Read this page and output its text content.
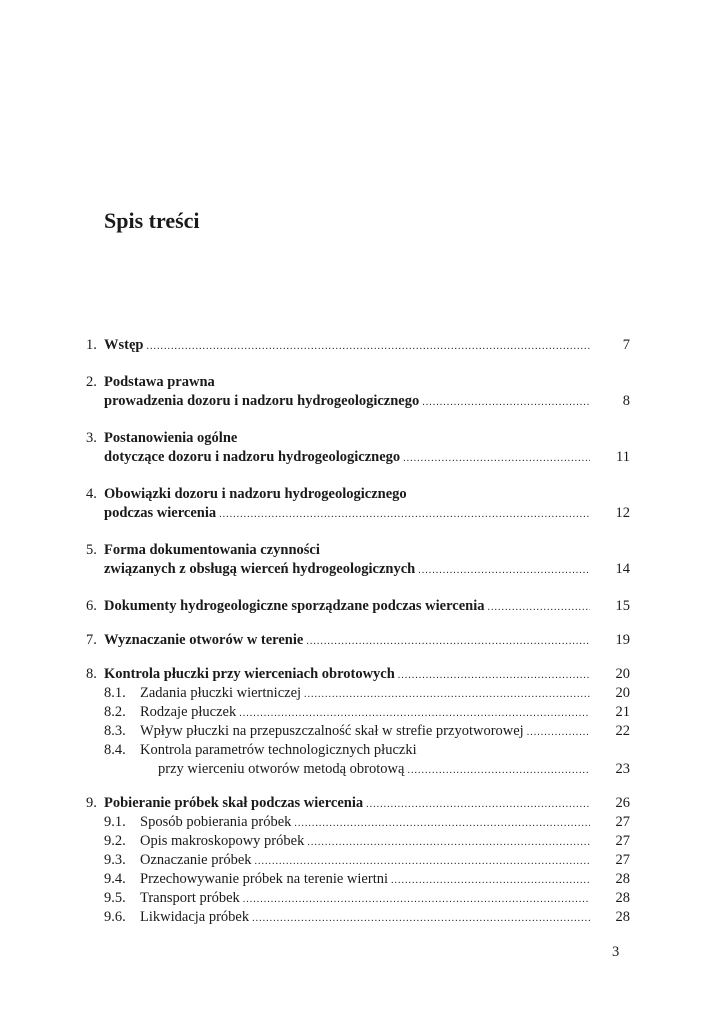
Spis treści
1. Wstęp .....	7
2. Podstawa prawna
prowadzenia dozoru i nadzoru hydrogeologicznego .....	8
3. Postanowienia ogólne
dotyczące dozoru i nadzoru hydrogeologicznego .....	11
4. Obowiązki dozoru i nadzoru hydrogeologicznego
podczas wiercenia .....	12
5. Forma dokumentowania czynności
związanych z obsługą wierceń hydrogeologicznych .....	14
6. Dokumenty hydrogeologiczne sporządzane podczas wiercenia .....	15
7. Wyznaczanie otworów w terenie .....	19
8. Kontrola płuczki przy wierceniach obrotowych .....	20
8.1. Zadania płuczki wiertniczej .....	20
8.2. Rodzaje płuczek .....	21
8.3. Wpływ płuczki na przepuszczalność skał w strefie przyotworowej .....	22
8.4. Kontrola parametrów technologicznych płuczki
przy wierceniu otworów metodą obrotową .....	23
9. Pobieranie próbek skał podczas wiercenia .....	26
9.1. Sposób pobierania próbek .....	27
9.2. Opis makroskopowy próbek .....	27
9.3. Oznaczanie próbek .....	27
9.4. Przechowywanie próbek na terenie wiertni .....	28
9.5. Transport próbek .....	28
9.6. Likwidacja próbek .....	28
3
